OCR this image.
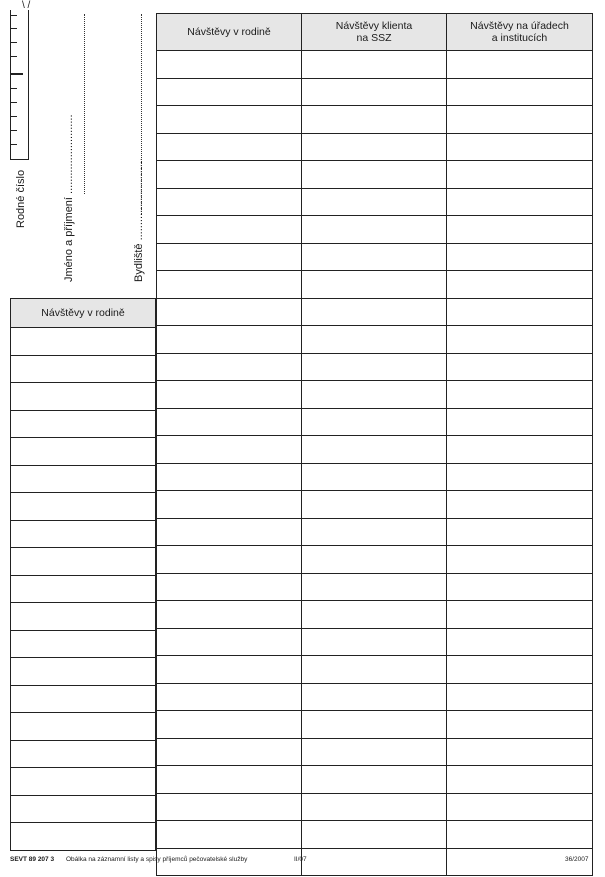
\ /
Rodné číslo	Jméno a příjmení ..........................	Bydliště ...........................
Návštěvy v rodině	Návštěvy klienta na SSZ	Návštěvy na úřadech a institucích

Návštěvy v rodině

SEVT 89 207 3 Obálka na záznamní listy a spisy příjemců pečovatelské služby	II/07	36/2007
